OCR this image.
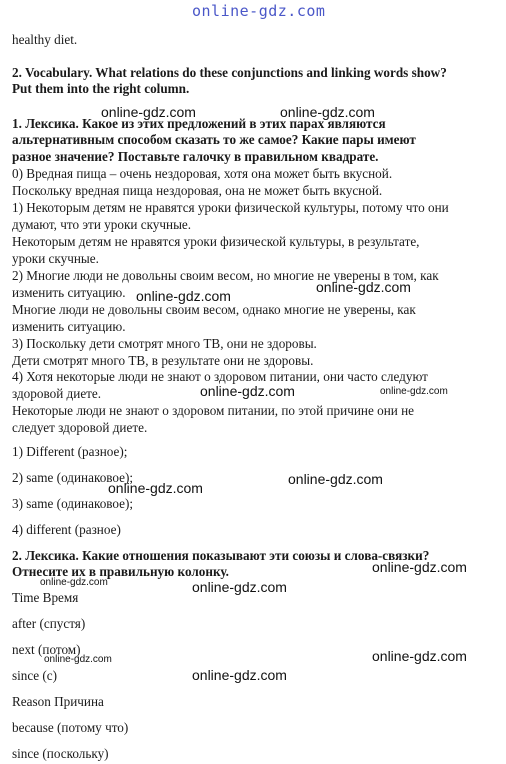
online-gdz.com
healthy diet.
2. Vocabulary. What relations do these conjunctions and linking words show?
Put them into the right column.
1. Лексика. Какое из этих предложений в этих парах являются
альтернативным способом сказать то же самое? Какие пары имеют
разное значение? Поставьте галочку в правильном квадрате.
0) Вредная пища – очень нездоровая, хотя она может быть вкусной.
Поскольку вредная пища нездоровая, она не может быть вкусной.
1) Некоторым детям не нравятся уроки физической культуры, потому что они
думают, что эти уроки скучные.
Некоторым детям не нравятся уроки физической культуры, в результате,
уроки скучные.
2) Многие люди не довольны своим весом, но многие не уверены в том, как
изменить ситуацию.
Многие люди не довольны своим весом, однако многие не уверены, как
изменить ситуацию.
3) Поскольку дети смотрят много ТВ, они не здоровы.
Дети смотрят много ТВ, в результате они не здоровы.
4) Хотя некоторые люди не знают о здоровом питании, они часто следуют
здоровой диете.
Некоторые люди не знают о здоровом питании, по этой причине они не
следует здоровой диете.
1) Different (разное);
2) same (одинаковое);
3) same (одинаковое);
4) different (разное)
2. Лексика. Какие отношения показывают эти союзы и слова-связки?
Отнесите их в правильную колонку.
Time Время
after (спустя)
next (потом)
since (с)
Reason Причина
because (потому что)
since (поскольку)
online-gdz.com	online-gdz.com
online-gdz.com
online-gdz.com
online-gdz.com	online-gdz.com
online-gdz.com
online-gdz.com
online-gdz.com
online-gdz.com
online-gdz.com
online-gdz.com	online-gdz.com
online-gdz.com
